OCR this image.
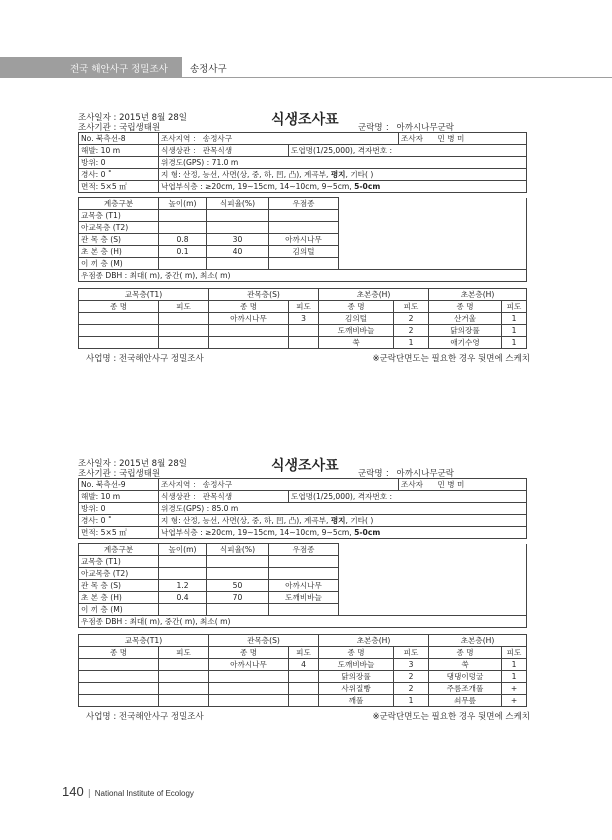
전국 해안사구 정밀조사 송정사구
조사일자 : 2015년 8월 28일
조사기관 : 국립생태원	식생조사표 군락명 ： 아까시나무군락
No. 북측선-8	조사지역 ： 송정사구		조사자 민 병 미
해발: 10 m	식생상관 ： 관목식생	도엽명(1/25,000), 격자번호 :	
방위: 0	위경도(GPS) : 71.0 m		
경사: 0 ˚	지 형: 산정, 능선, 사면(상, 중, 하, 凹, 凸), 계곡부, 평지, 기타( )		
면적: 5×5 ㎡	낙엽부식층 : ≥20cm, 19~15cm, 14~10cm, 9~5cm, 5-0cm		
계층구분	높이(m)	식피율(%)	우점종	
교목층 (T1)				
아교목층 (T2)				
관 목 층 (S)	0.8	30	아까시나무	
초 본 층 (H)	0.1	40	김의털	
이 끼 층 (M)				
우점종 DBH : 최대( m), 중간( m), 최소( m)				
교목층(T1)		관목층(S)		초본층(H)		초본층(H)	
종 명	피도	종 명	피도	종 명	피도	종 명	피도
		아까시나무	3	김의털	2	산거울	1
				도깨비바늘	2	닭의장풀	1
				쑥	1	애기수영	1
사업명 : 전국해안사구 정밀조사	※군락단면도는 필요한 경우 뒷면에 스케치
조사일자 : 2015년 8월 28일
조사기관 : 국립생태원	식생조사표 군락명 ： 아까시나무군락
No. 북측선-9	조사지역 ： 송정사구		조사자 민 병 미
해발: 10 m	식생상관 ： 관목식생	도엽명(1/25,000), 격자번호 :	
방위: 0	위경도(GPS) : 85.0 m		
경사: 0 ˚	지 형: 산정, 능선, 사면(상, 중, 하, 凹, 凸), 계곡부, 평지, 기타( )		
면적: 5×5 ㎡	낙엽부식층 : ≥20cm, 19~15cm, 14~10cm, 9~5cm, 5-0cm		
계층구분	높이(m)	식피율(%)	우점종	
교목층 (T1)				
아교목층 (T2)				
관 목 층 (S)	1.2	50	아까시나무	
초 본 층 (H)	0.4	70	도깨비바늘	
이 끼 층 (M)				
우점종 DBH : 최대( m), 중간( m), 최소( m)				
교목층(T1)		관목층(S)		초본층(H)		초본층(H)	
종 명	피도	종 명	피도	종 명	피도	종 명	피도
		아까시나무	4	도깨비바늘	3	쑥	1
				닭의장풀	2	댕댕이덩굴	1
				사위질빵	2	주름조개풀	+
				깨풀	1	쇠무릎	+
사업명 : 전국해안사구 정밀조사	※군락단면도는 필요한 경우 뒷면에 스케치
140 | National Institute of Ecology
